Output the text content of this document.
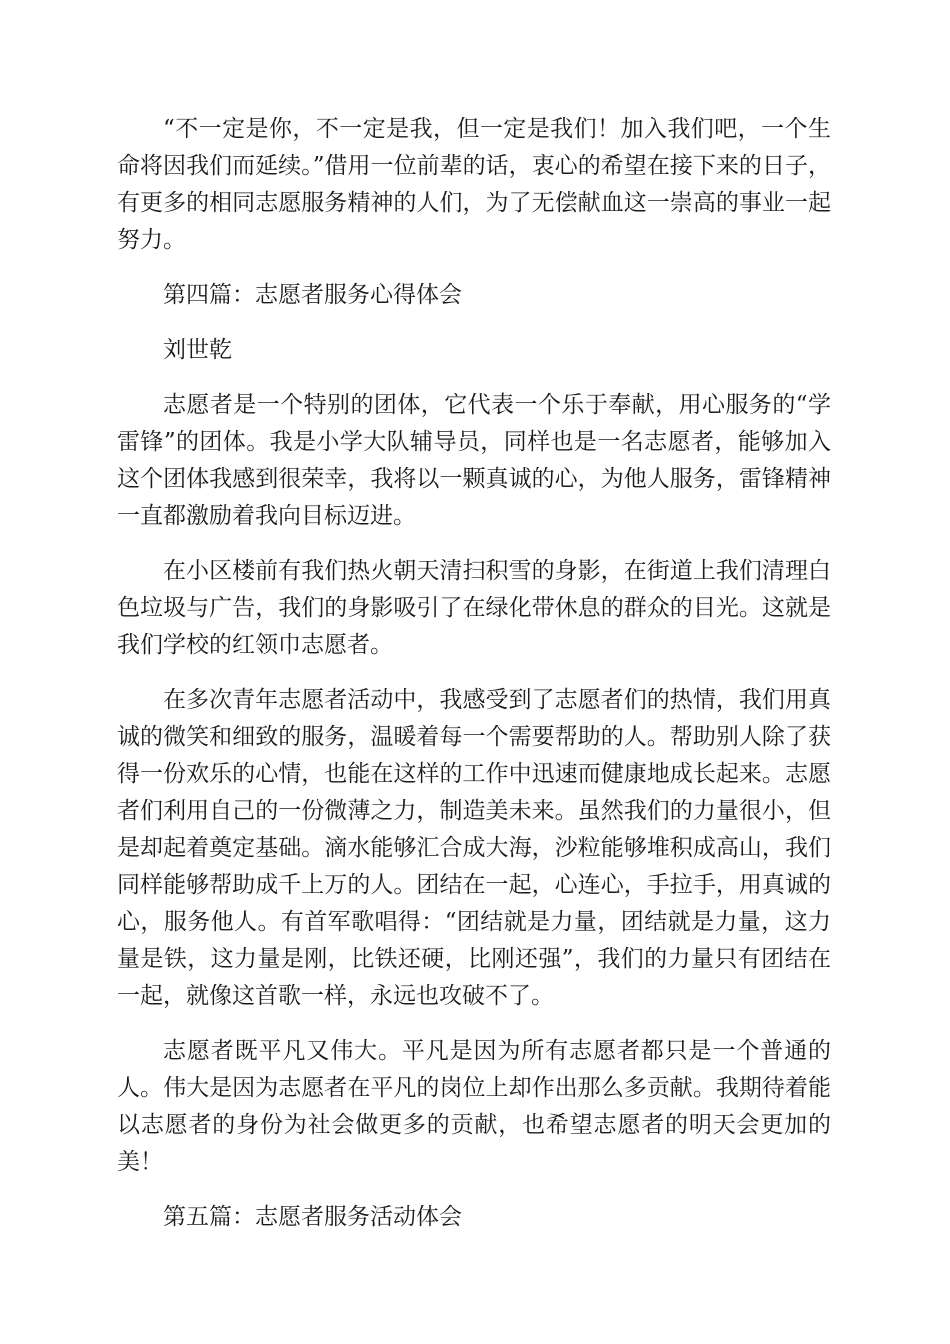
“不一定是你，不一定是我，但一定是我们！加入我们吧，一个生命将因我们而延续。”借用一位前辈的话，衷心的希望在接下来的日子，有更多的相同志愿服务精神的人们，为了无偿献血这一崇高的事业一起努力。

第四篇：志愿者服务心得体会

刘世乾

志愿者是一个特别的团体，它代表一个乐于奉献，用心服务的“学雷锋”的团体。我是小学大队辅导员，同样也是一名志愿者，能够加入这个团体我感到很荣幸，我将以一颗真诚的心，为他人服务，雷锋精神一直都激励着我向目标迈进。

在小区楼前有我们热火朝天清扫积雪的身影，在街道上我们清理白色垃圾与广告，我们的身影吸引了在绿化带休息的群众的目光。这就是我们学校的红领巾志愿者。

在多次青年志愿者活动中，我感受到了志愿者们的热情，我们用真诚的微笑和细致的服务，温暖着每一个需要帮助的人。帮助别人除了获得一份欢乐的心情，也能在这样的工作中迅速而健康地成长起来。志愿者们利用自己的一份微薄之力，制造美未来。虽然我们的力量很小，但是却起着奠定基础。滴水能够汇合成大海，沙粒能够堆积成高山，我们同样能够帮助成千上万的人。团结在一起，心连心，手拉手，用真诚的心，服务他人。有首军歌唱得：“团结就是力量，团结就是力量，这力量是铁，这力量是刚，比铁还硬，比刚还强”，我们的力量只有团结在一起，就像这首歌一样，永远也攻破不了。

志愿者既平凡又伟大。平凡是因为所有志愿者都只是一个普通的人。伟大是因为志愿者在平凡的岗位上却作出那么多贡献。我期待着能以志愿者的身份为社会做更多的贡献，也希望志愿者的明天会更加的美！

第五篇：志愿者服务活动体会
